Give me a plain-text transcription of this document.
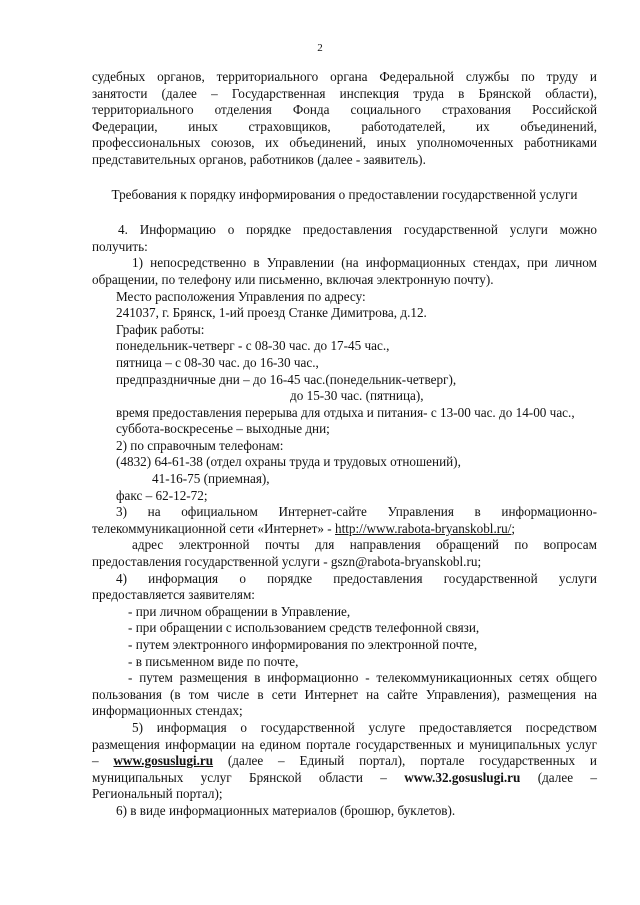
2

судебных органов, территориального органа Федеральной службы по труду и

занятости (далее – Государственная инспекция труда в Брянской области),

территориального отделения Фонда социального страхования Российской

Федерации, иных страховщиков, работодателей, их объединений,

профессиональных союзов, их объединений, иных уполномоченных работниками

представительных органов, работников (далее - заявитель).

Требования к порядку информирования о предоставлении государственной услуги

4. Информацию о порядке предоставления государственной услуги можно

получить:

1) непосредственно в Управлении (на информационных стендах, при личном

обращении, по телефону или письменно, включая электронную почту).

Место расположения Управления по адресу:

241037, г. Брянск, 1-ий проезд Станке Димитрова, д.12.

График работы:

понедельник-четверг - с 08-30 час. до 17-45 час.,

пятница – с 08-30 час. до 16-30 час.,

предпраздничные дни – до 16-45 час.(понедельник-четверг),

до 15-30 час. (пятница),

время предоставления перерыва для отдыха и питания- с 13-00 час. до 14-00 час.,

суббота-воскресенье – выходные дни;

2) по справочным телефонам:

(4832) 64-61-38 (отдел охраны труда и трудовых отношений),

41-16-75 (приемная),

факс – 62-12-72;

3) на официальном Интернет-сайте Управления в информационно-

телекоммуникационной сети «Интернет» - http://www.rabota-bryanskobl.ru/;

адрес электронной почты для направления обращений по вопросам

предоставления государственной услуги - gszn@rabota-bryanskobl.ru;

4) информация о порядке предоставления государственной услуги

предоставляется заявителям:

- при личном обращении в Управление,

- при обращении с использованием средств телефонной связи,

- путем электронного информирования по электронной почте,

- в письменном виде по почте,

- путем размещения в информационно - телекоммуникационных сетях общего

пользования (в том числе в сети Интернет на сайте Управления), размещения на

информационных стендах;

5) информация о государственной услуге предоставляется посредством

размещения информации на едином портале государственных и муниципальных услуг

– www.gosuslugi.ru (далее – Единый портал), портале государственных и

муниципальных услуг Брянской области – www.32.gosuslugi.ru (далее –

Региональный портал);

6) в виде информационных материалов (брошюр, буклетов).
